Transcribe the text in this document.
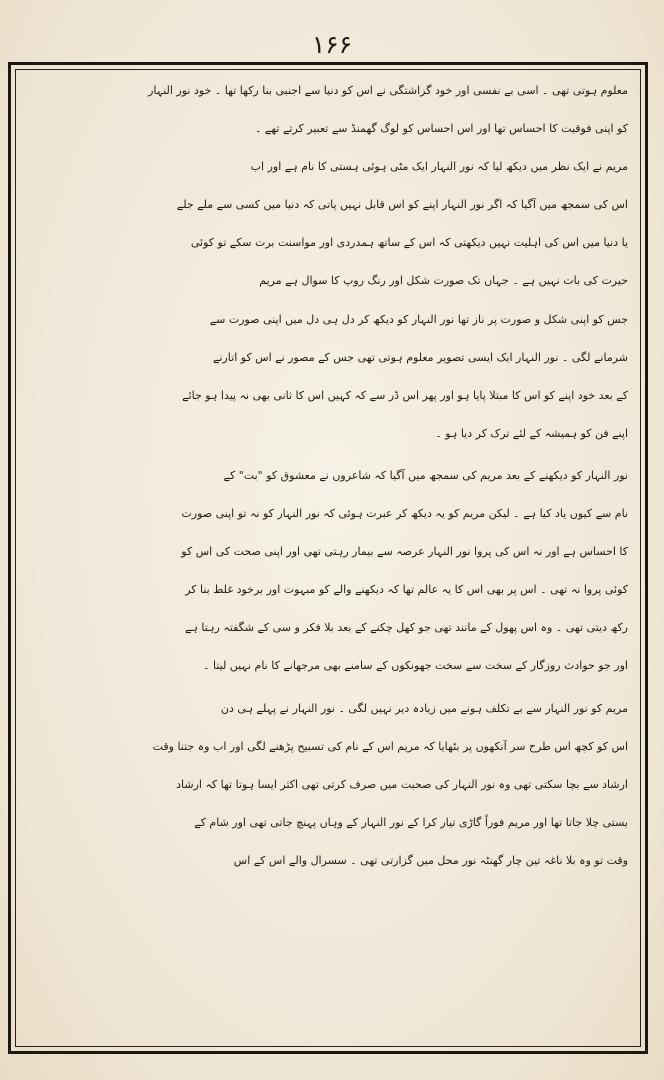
۱۶۶
معلوم ہوتی تھی ۔ اسی بے نفسی اور خود گزاشتگی نے اس کو دنیا سے اجنبی بنا رکھا تھا ۔ خود نور النہار
کو اپنی فوقیت کا احساس تھا اور اس احساس کو لوگ گھمنڈ سے تعبیر کرتے تھے ۔
مریم نے ایک نظر میں دیکھ لیا کہ نور النہار ایک مٹی ہوئی ہستی کا نام ہے اور اب
اس کی سمجھ میں آگیا کہ اگر نور النہار اپنے کو اس قابل نہیں پاتی کہ دنیا میں کسی سے ملے جلے
یا دنیا میں اس کی اہلیت نہیں دیکھتی کہ اس کے ساتھ ہمدردی اور مواسنت برت سکے تو کوئی
حیرت کی بات نہیں ہے ۔ جہاں تک صورت شکل اور رنگ روپ کا سوال ہے مریم
جس کو اپنی شکل و صورت پر ناز تھا نور النہار کو دیکھ کر دل ہی دل میں اپنی صورت سے
شرمانے لگی ۔ نور النہار ایک ایسی تصویر معلوم ہوتی تھی جس کے مصور نے اس کو اتارنے
کے بعد خود اپنے کو اس کا مبتلا پایا ہو اور پھر اس ڈر سے کہ کہیں اس کا ثانی بھی نہ پیدا ہو جائے
اپنے فن کو ہمیشہ کے لئے ترک کر دیا ہو ۔
نور النہار کو دیکھنے کے بعد مریم کی سمجھ میں آگیا کہ شاعروں نے معشوق کو "بت" کے
نام سے کیوں یاد کیا ہے ۔ لیکن مریم کو یہ دیکھ کر عبرت ہوئی کہ نور النہار کو نہ تو اپنی صورت
کا احساس ہے اور نہ اس کی پروا نور النہار عرصہ سے بیمار رہتی تھی اور اپنی صحت کی اس کو
کوئی پروا نہ تھی ۔ اس پر بھی اس کا یہ عالم تھا کہ دیکھنے والے کو مبہوت اور برخود غلط بنا کر
رکھ دیتی تھی ۔ وہ اس پھول کے مانند تھی جو کھل چکنے کے بعد بلا فکر و سی کے شگفتہ رہتا ہے
اور جو حوادث روزگار کے سخت سے سخت جھونکوں کے سامنے بھی مرجھانے کا نام نہیں لیتا ۔
مریم کو نور النہار سے بے تکلف ہونے میں زیادہ دیر نہیں لگی ۔ نور النہار نے پہلے ہی دن
اس کو کچھ اس طرح سر آنکھوں پر بٹھایا کہ مریم اس کے نام کی تسبیح پڑھنے لگی اور اب وہ جتنا وقت
ارشاد سے بچا سکتی تھی وہ نور النہار کی صحبت میں صرف کرتی تھی اکثر ایسا ہوتا تھا کہ ارشاد
بستی چلا جاتا تھا اور مریم فوراً گاڑی تیار کرا کے نور النہار کے وہاں پہنچ جاتی تھی اور شام کے
وقت تو وہ بلا ناغہ تین چار گھنٹہ نور محل میں گزارتی تھی ۔ سسرال والے اس کے اس
